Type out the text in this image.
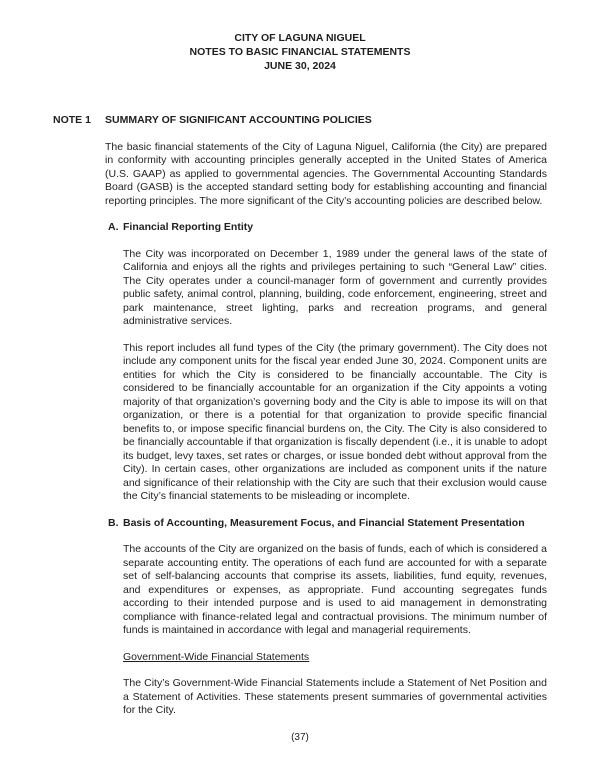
CITY OF LAGUNA NIGUEL
NOTES TO BASIC FINANCIAL STATEMENTS
JUNE 30, 2024
NOTE 1	SUMMARY OF SIGNIFICANT ACCOUNTING POLICIES
The basic financial statements of the City of Laguna Niguel, California (the City) are prepared in conformity with accounting principles generally accepted in the United States of America (U.S. GAAP) as applied to governmental agencies. The Governmental Accounting Standards Board (GASB) is the accepted standard setting body for establishing accounting and financial reporting principles. The more significant of the City’s accounting policies are described below.
A. Financial Reporting Entity
The City was incorporated on December 1, 1989 under the general laws of the state of California and enjoys all the rights and privileges pertaining to such “General Law” cities. The City operates under a council-manager form of government and currently provides public safety, animal control, planning, building, code enforcement, engineering, street and park maintenance, street lighting, parks and recreation programs, and general administrative services.
This report includes all fund types of the City (the primary government). The City does not include any component units for the fiscal year ended June 30, 2024. Component units are entities for which the City is considered to be financially accountable. The City is considered to be financially accountable for an organization if the City appoints a voting majority of that organization’s governing body and the City is able to impose its will on that organization, or there is a potential for that organization to provide specific financial benefits to, or impose specific financial burdens on, the City. The City is also considered to be financially accountable if that organization is fiscally dependent (i.e., it is unable to adopt its budget, levy taxes, set rates or charges, or issue bonded debt without approval from the City). In certain cases, other organizations are included as component units if the nature and significance of their relationship with the City are such that their exclusion would cause the City’s financial statements to be misleading or incomplete.
B. Basis of Accounting, Measurement Focus, and Financial Statement Presentation
The accounts of the City are organized on the basis of funds, each of which is considered a separate accounting entity. The operations of each fund are accounted for with a separate set of self-balancing accounts that comprise its assets, liabilities, fund equity, revenues, and expenditures or expenses, as appropriate. Fund accounting segregates funds according to their intended purpose and is used to aid management in demonstrating compliance with finance-related legal and contractual provisions. The minimum number of funds is maintained in accordance with legal and managerial requirements.
Government-Wide Financial Statements
The City’s Government-Wide Financial Statements include a Statement of Net Position and a Statement of Activities. These statements present summaries of governmental activities for the City.
(37)
